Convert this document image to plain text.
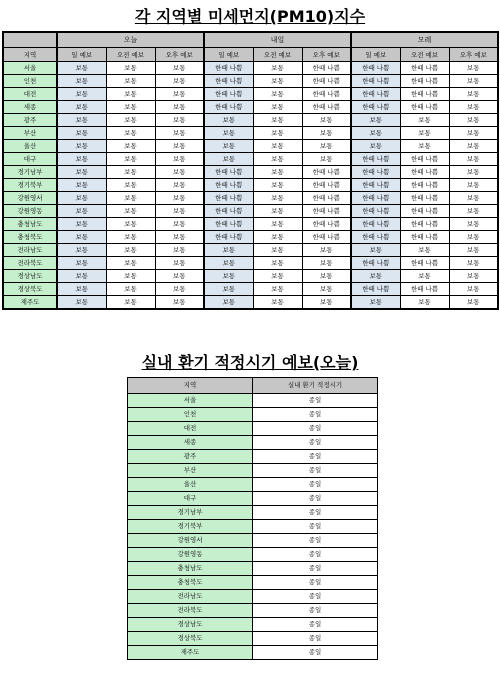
각 지역별 미세먼지(PM10)지수
	오늘			내일			모레		
지역	일 예보	오전 예보	오후 예보	일 예보	오전 예보	오후 예보	일 예보	오전 예보	오후 예보
서울	보통	보통	보통	한때 나쁨	보통	한때 나쁨	한때 나쁨	한때 나쁨	보통
인천	보통	보통	보통	한때 나쁨	보통	한때 나쁨	한때 나쁨	한때 나쁨	보통
대전	보통	보통	보통	한때 나쁨	보통	한때 나쁨	한때 나쁨	한때 나쁨	보통
세종	보통	보통	보통	한때 나쁨	보통	한때 나쁨	한때 나쁨	한때 나쁨	보통
광주	보통	보통	보통	보통	보통	보통	보통	보통	보통
부산	보통	보통	보통	보통	보통	보통	보통	보통	보통
울산	보통	보통	보통	보통	보통	보통	보통	보통	보통
대구	보통	보통	보통	보통	보통	보통	한때 나쁨	한때 나쁨	보통
경기남부	보통	보통	보통	한때 나쁨	보통	한때 나쁨	한때 나쁨	한때 나쁨	보통
경기북부	보통	보통	보통	한때 나쁨	보통	한때 나쁨	한때 나쁨	한때 나쁨	보통
강원영서	보통	보통	보통	한때 나쁨	보통	한때 나쁨	한때 나쁨	한때 나쁨	보통
강원영동	보통	보통	보통	한때 나쁨	보통	한때 나쁨	한때 나쁨	한때 나쁨	보통
충청남도	보통	보통	보통	한때 나쁨	보통	한때 나쁨	한때 나쁨	한때 나쁨	보통
충청북도	보통	보통	보통	한때 나쁨	보통	한때 나쁨	한때 나쁨	한때 나쁨	보통
전라남도	보통	보통	보통	보통	보통	보통	보통	보통	보통
전라북도	보통	보통	보통	보통	보통	보통	한때 나쁨	한때 나쁨	보통
경상남도	보통	보통	보통	보통	보통	보통	보통	보통	보통
경상북도	보통	보통	보통	보통	보통	보통	한때 나쁨	한때 나쁨	보통
제주도	보통	보통	보통	보통	보통	보통	보통	보통	보통
실내 환기 적정시기 예보(오늘)
지역	실내 환기 적정시기
서울	종일
인천	종일
대전	종일
세종	종일
광주	종일
부산	종일
울산	종일
대구	종일
경기남부	종일
경기북부	종일
강원영서	종일
강원영동	종일
충청남도	종일
충청북도	종일
전라남도	종일
전라북도	종일
경상남도	종일
경상북도	종일
제주도	종일
